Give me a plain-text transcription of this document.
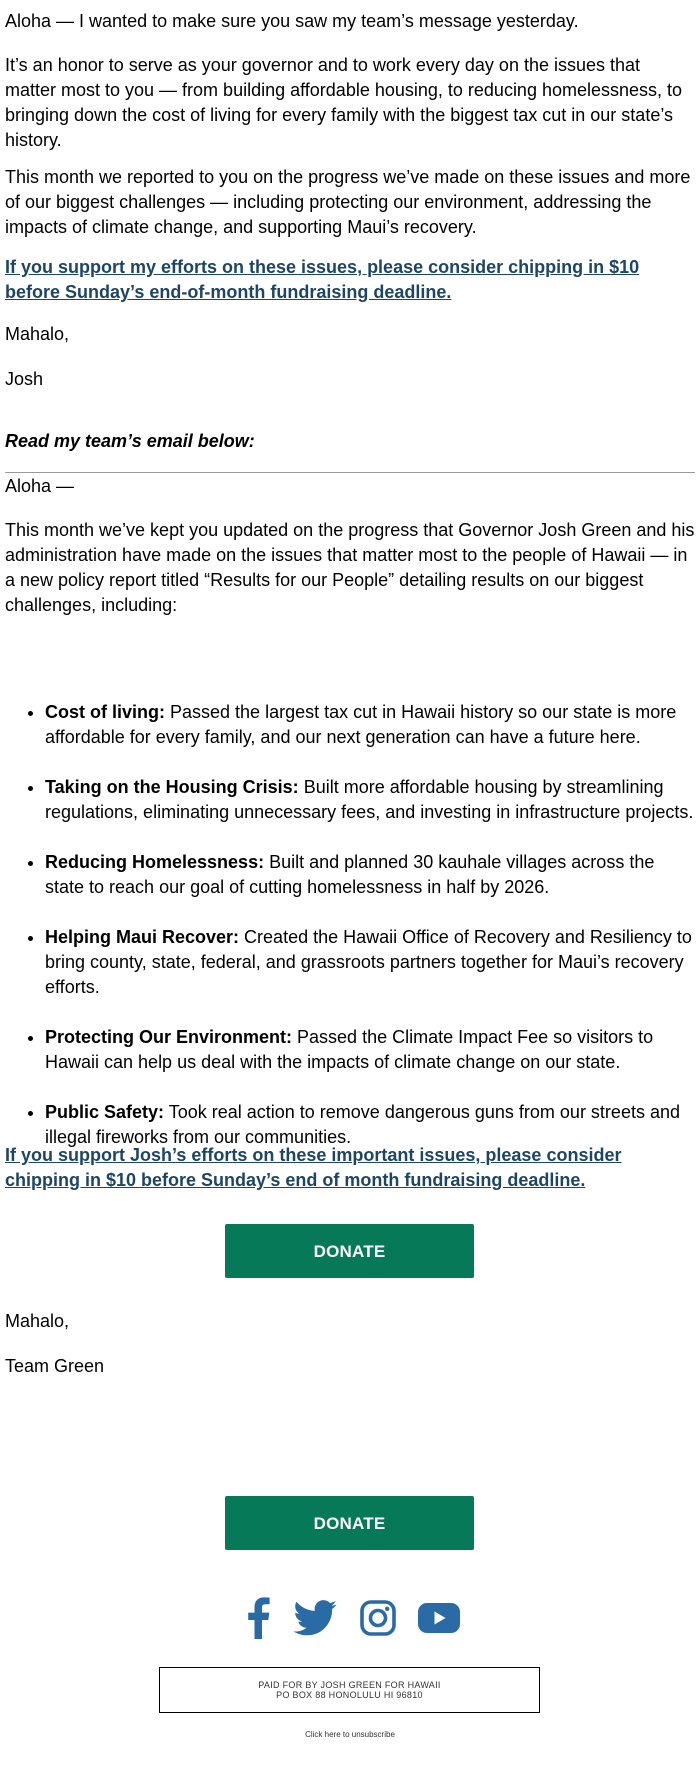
Aloha — I wanted to make sure you saw my team’s message yesterday.

It’s an honor to serve as your governor and to work every day on the issues that matter most to you — from building affordable housing, to reducing homelessness, to bringing down the cost of living for every family with the biggest tax cut in our state’s history.

This month we reported to you on the progress we’ve made on these issues and more of our biggest challenges — including protecting our environment, addressing the impacts of climate change, and supporting Maui’s recovery.

If you support my efforts on these issues, please consider chipping in $10 before Sunday’s end-of-month fundraising deadline.

Mahalo,

Josh

Read my team’s email below:

Aloha —

This month we’ve kept you updated on the progress that Governor Josh Green and his administration have made on the issues that matter most to the people of Hawaii — in a new policy report titled “Results for our People” detailing results on our biggest challenges, including:

• Cost of living: Passed the largest tax cut in Hawaii history so our state is more affordable for every family, and our next generation can have a future here.
• Taking on the Housing Crisis: Built more affordable housing by streamlining regulations, eliminating unnecessary fees, and investing in infrastructure projects.
• Reducing Homelessness: Built and planned 30 kauhale villages across the state to reach our goal of cutting homelessness in half by 2026.
• Helping Maui Recover: Created the Hawaii Office of Recovery and Resiliency to bring county, state, federal, and grassroots partners together for Maui’s recovery efforts.
• Protecting Our Environment: Passed the Climate Impact Fee so visitors to Hawaii can help us deal with the impacts of climate change on our state.
• Public Safety: Took real action to remove dangerous guns from our streets and illegal fireworks from our communities.

If you support Josh’s efforts on these important issues, please consider chipping in $10 before Sunday’s end of month fundraising deadline.

DONATE

Mahalo,

Team Green

DONATE
PAID FOR BY JOSH GREEN FOR HAWAII
PO BOX 88 HONOLULU HI 96810
Click here to unsubscribe
